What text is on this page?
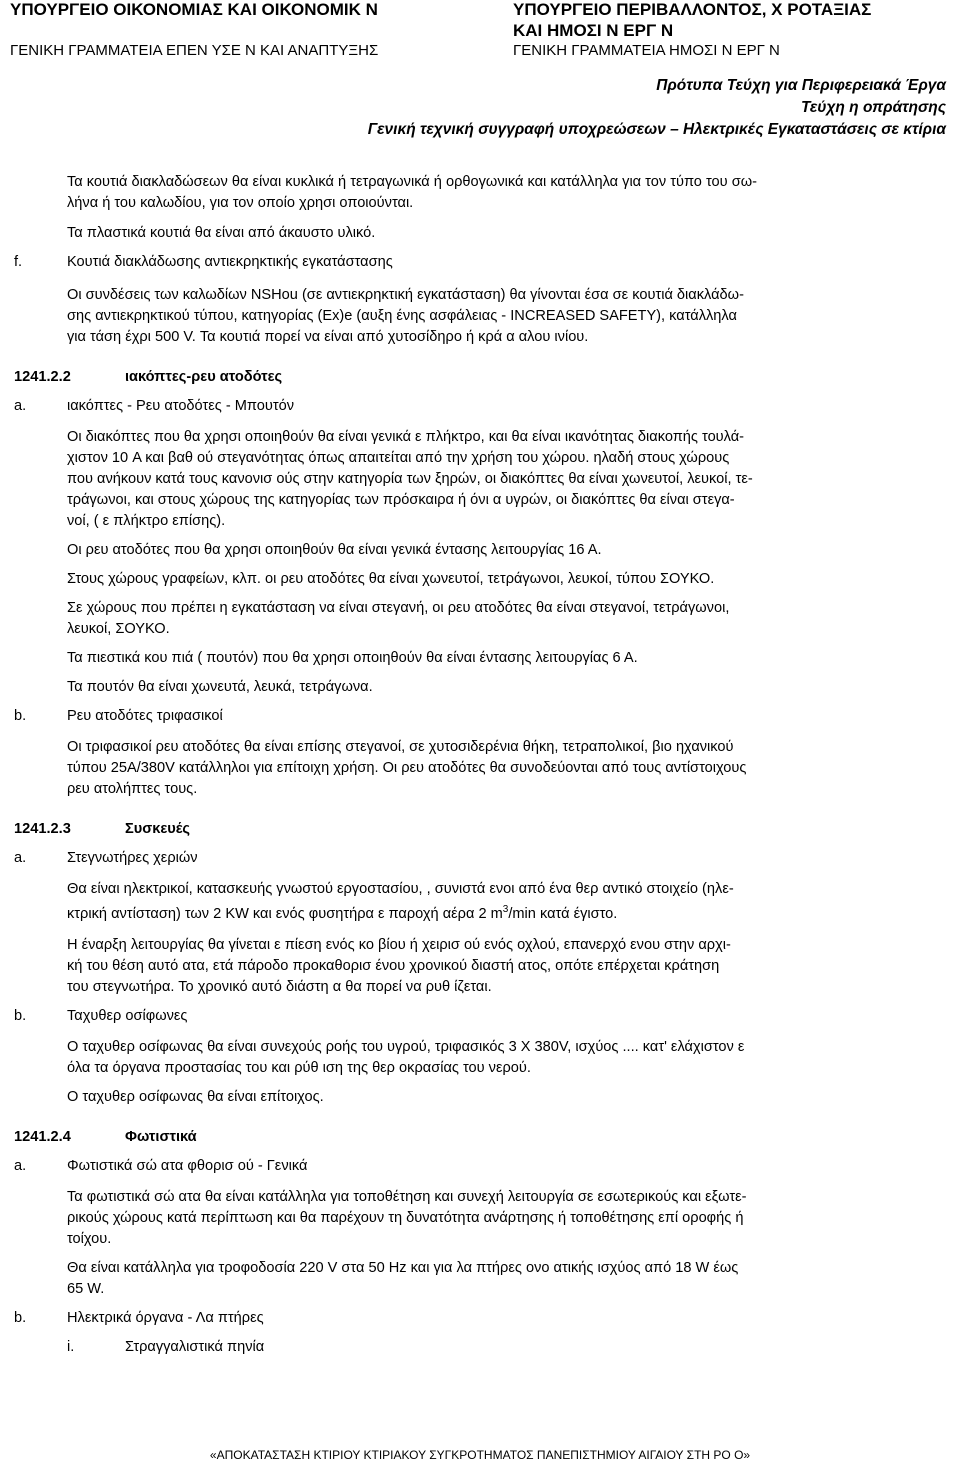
ΥΠΟΥΡΓΕΙΟ ΟΙΚΟΝΟΜΙΑΣ ΚΑΙ ΟΙΚΟΝΟΜΙΚ Ν
ΓΕΝΙΚΗ ΓΡΑΜΜΑΤΕΙΑ ΕΠΕΝ ΥΣΕ Ν ΚΑΙ ΑΝΑΠΤΥΞΗΣ
ΥΠΟΥΡΓΕΙΟ ΠΕΡΙΒΑΛΛΟΝΤΟΣ, Χ ΡΟΤΑΞΙΑΣ
ΚΑΙ ΗΜΟΣΙ Ν ΕΡΓ Ν
ΓΕΝΙΚΗ ΓΡΑΜΜΑΤΕΙΑ ΗΜΟΣΙ Ν ΕΡΓ Ν
Πρότυπα Τεύχη για Περιφερειακά Έργα
Τεύχη η οπράτησης
Γενική τεχνική συγγραφή υποχρεώσεων – Ηλεκτρικές Εγκαταστάσεις σε κτίρια
Τα κουτιά διακλαδώσεων θα είναι κυκλικά ή τετραγωνικά ή ορθογωνικά και κατάλληλα για τον τύπο του σω-
λήνα ή του καλωδίου, για τον οποίο χρησι οποιούνται.
Τα πλαστικά κουτιά θα είναι από άκαυστο υλικό.
f.	Κουτιά διακλάδωσης αντιεκρηκτικής εγκατάστασης
Οι συνδέσεις των καλωδίων NSHou (σε αντιεκρηκτική εγκατάσταση) θα γίνονται έσα σε κουτιά διακλάδω-
σης αντιεκρηκτικού τύπου, κατηγορίας (Ex)e (αυξη ένης ασφάλειας - INCREASED SAFETY), κατάλληλα
για τάση έχρι 500 V. Τα κουτιά πορεί να είναι από χυτοσίδηρο ή κρά α αλου ινίου.
1241.2.2	ιακόπτες-ρευ ατοδότες
a.	ιακόπτες - Ρευ ατοδότες - Μπουτόν
Οι διακόπτες που θα χρησι οποιηθούν θα είναι γενικά ε πλήκτρο, και θα είναι ικανότητας διακοπής τουλά-
χιστον 10 A και βαθ ού στεγανότητας όπως απαιτείται από την χρήση του χώρου. ηλαδή στους χώρους
που ανήκουν κατά τους κανονισ ούς στην κατηγορία των ξηρών, οι διακόπτες θα είναι χωνευτοί, λευκοί, τε-
τράγωνοι, και στους χώρους της κατηγορίας των πρόσκαιρα ή όνι α υγρών, οι διακόπτες θα είναι στεγα-
νοί, ( ε πλήκτρο επίσης).
Οι ρευ ατοδότες που θα χρησι οποιηθούν θα είναι γενικά έντασης λειτουργίας 16 Α.
Στους χώρους γραφείων, κλπ. οι ρευ ατοδότες θα είναι χωνευτοί, τετράγωνοι, λευκοί, τύπου ΣΟΥΚΟ.
Σε χώρους που πρέπει η εγκατάσταση να είναι στεγανή, οι ρευ ατοδότες θα είναι στεγανοί, τετράγωνοι,
λευκοί, ΣΟΥΚΟ.
Τα πιεστικά κου πιά ( πουτόν) που θα χρησι οποιηθούν θα είναι έντασης λειτουργίας 6 Α.
Τα πουτόν θα είναι χωνευτά, λευκά, τετράγωνα.
b.	Ρευ ατοδότες τριφασικοί
Οι τριφασικοί ρευ ατοδότες θα είναι επίσης στεγανοί, σε χυτοσιδερένια θήκη, τετραπολικοί, βιο ηχανικού
τύπου 25A/380V κατάλληλοι για επίτοιχη χρήση. Οι ρευ ατοδότες θα συνοδεύονται από τους αντίστοιχους
ρευ ατολήπτες τους.
1241.2.3	Συσκευές
a.	Στεγνωτήρες χεριών
Θα είναι ηλεκτρικοί, κατασκευής γνωστού εργοστασίου, , συνιστά ενοι από ένα θερ αντικό στοιχείο (ηλε-
κτρική αντίσταση) των 2 KW και ενός φυσητήρα ε παροχή αέρα 2 $m^3/\min$ κατά έγιστο.
Η έναρξη λειτουργίας θα γίνεται ε πίεση ενός κο βίου ή χειρισ ού ενός οχλού, επανερχό ενου στην αρχι-
κή του θέση αυτό ατα, ετά πάροδο προκαθορισ ένου χρονικού διαστή ατος, οπότε επέρχεται κράτηση
του στεγνωτήρα. Το χρονικό αυτό διάστη α θα πορεί να ρυθ ίζεται.
b.	Ταχυθερ οσίφωνες
Ο ταχυθερ οσίφωνας θα είναι συνεχούς ροής του υγρού, τριφασικός 3 Χ 380V, ισχύος .... κατ' ελάχιστον ε
όλα τα όργανα προστασίας του και ρύθ ιση της θερ οκρασίας του νερού.
Ο ταχυθερ οσίφωνας θα είναι επίτοιχος.
1241.2.4	Φωτιστικά
a.	Φωτιστικά σώ ατα φθορισ ού - Γενικά
Τα φωτιστικά σώ ατα θα είναι κατάλληλα για τοποθέτηση και συνεχή λειτουργία σε εσωτερικούς και εξωτε-
ρικούς χώρους κατά περίπτωση και θα παρέχουν τη δυνατότητα ανάρτησης ή τοποθέτησης επί οροφής ή
τοίχου.
Θα είναι κατάλληλα για τροφοδοσία 220 V στα 50 Hz και για λα πτήρες ονο ατικής ισχύος από 18 W έως
65 W.
b.	Ηλεκτρικά όργανα - Λα πτήρες
i.	Στραγγαλιστικά πηνία
«ΑΠΟΚΑΤΑΣΤΑΣΗ ΚΤΙΡΙΟΥ ΚΤΙΡΙΑΚΟΥ ΣΥΓΚΡΟΤΗΜΑΤΟΣ ΠΑΝΕΠΙΣΤΗΜΙΟΥ ΑΙΓΑΙΟΥ ΣΤΗ ΡΟ Ο»
